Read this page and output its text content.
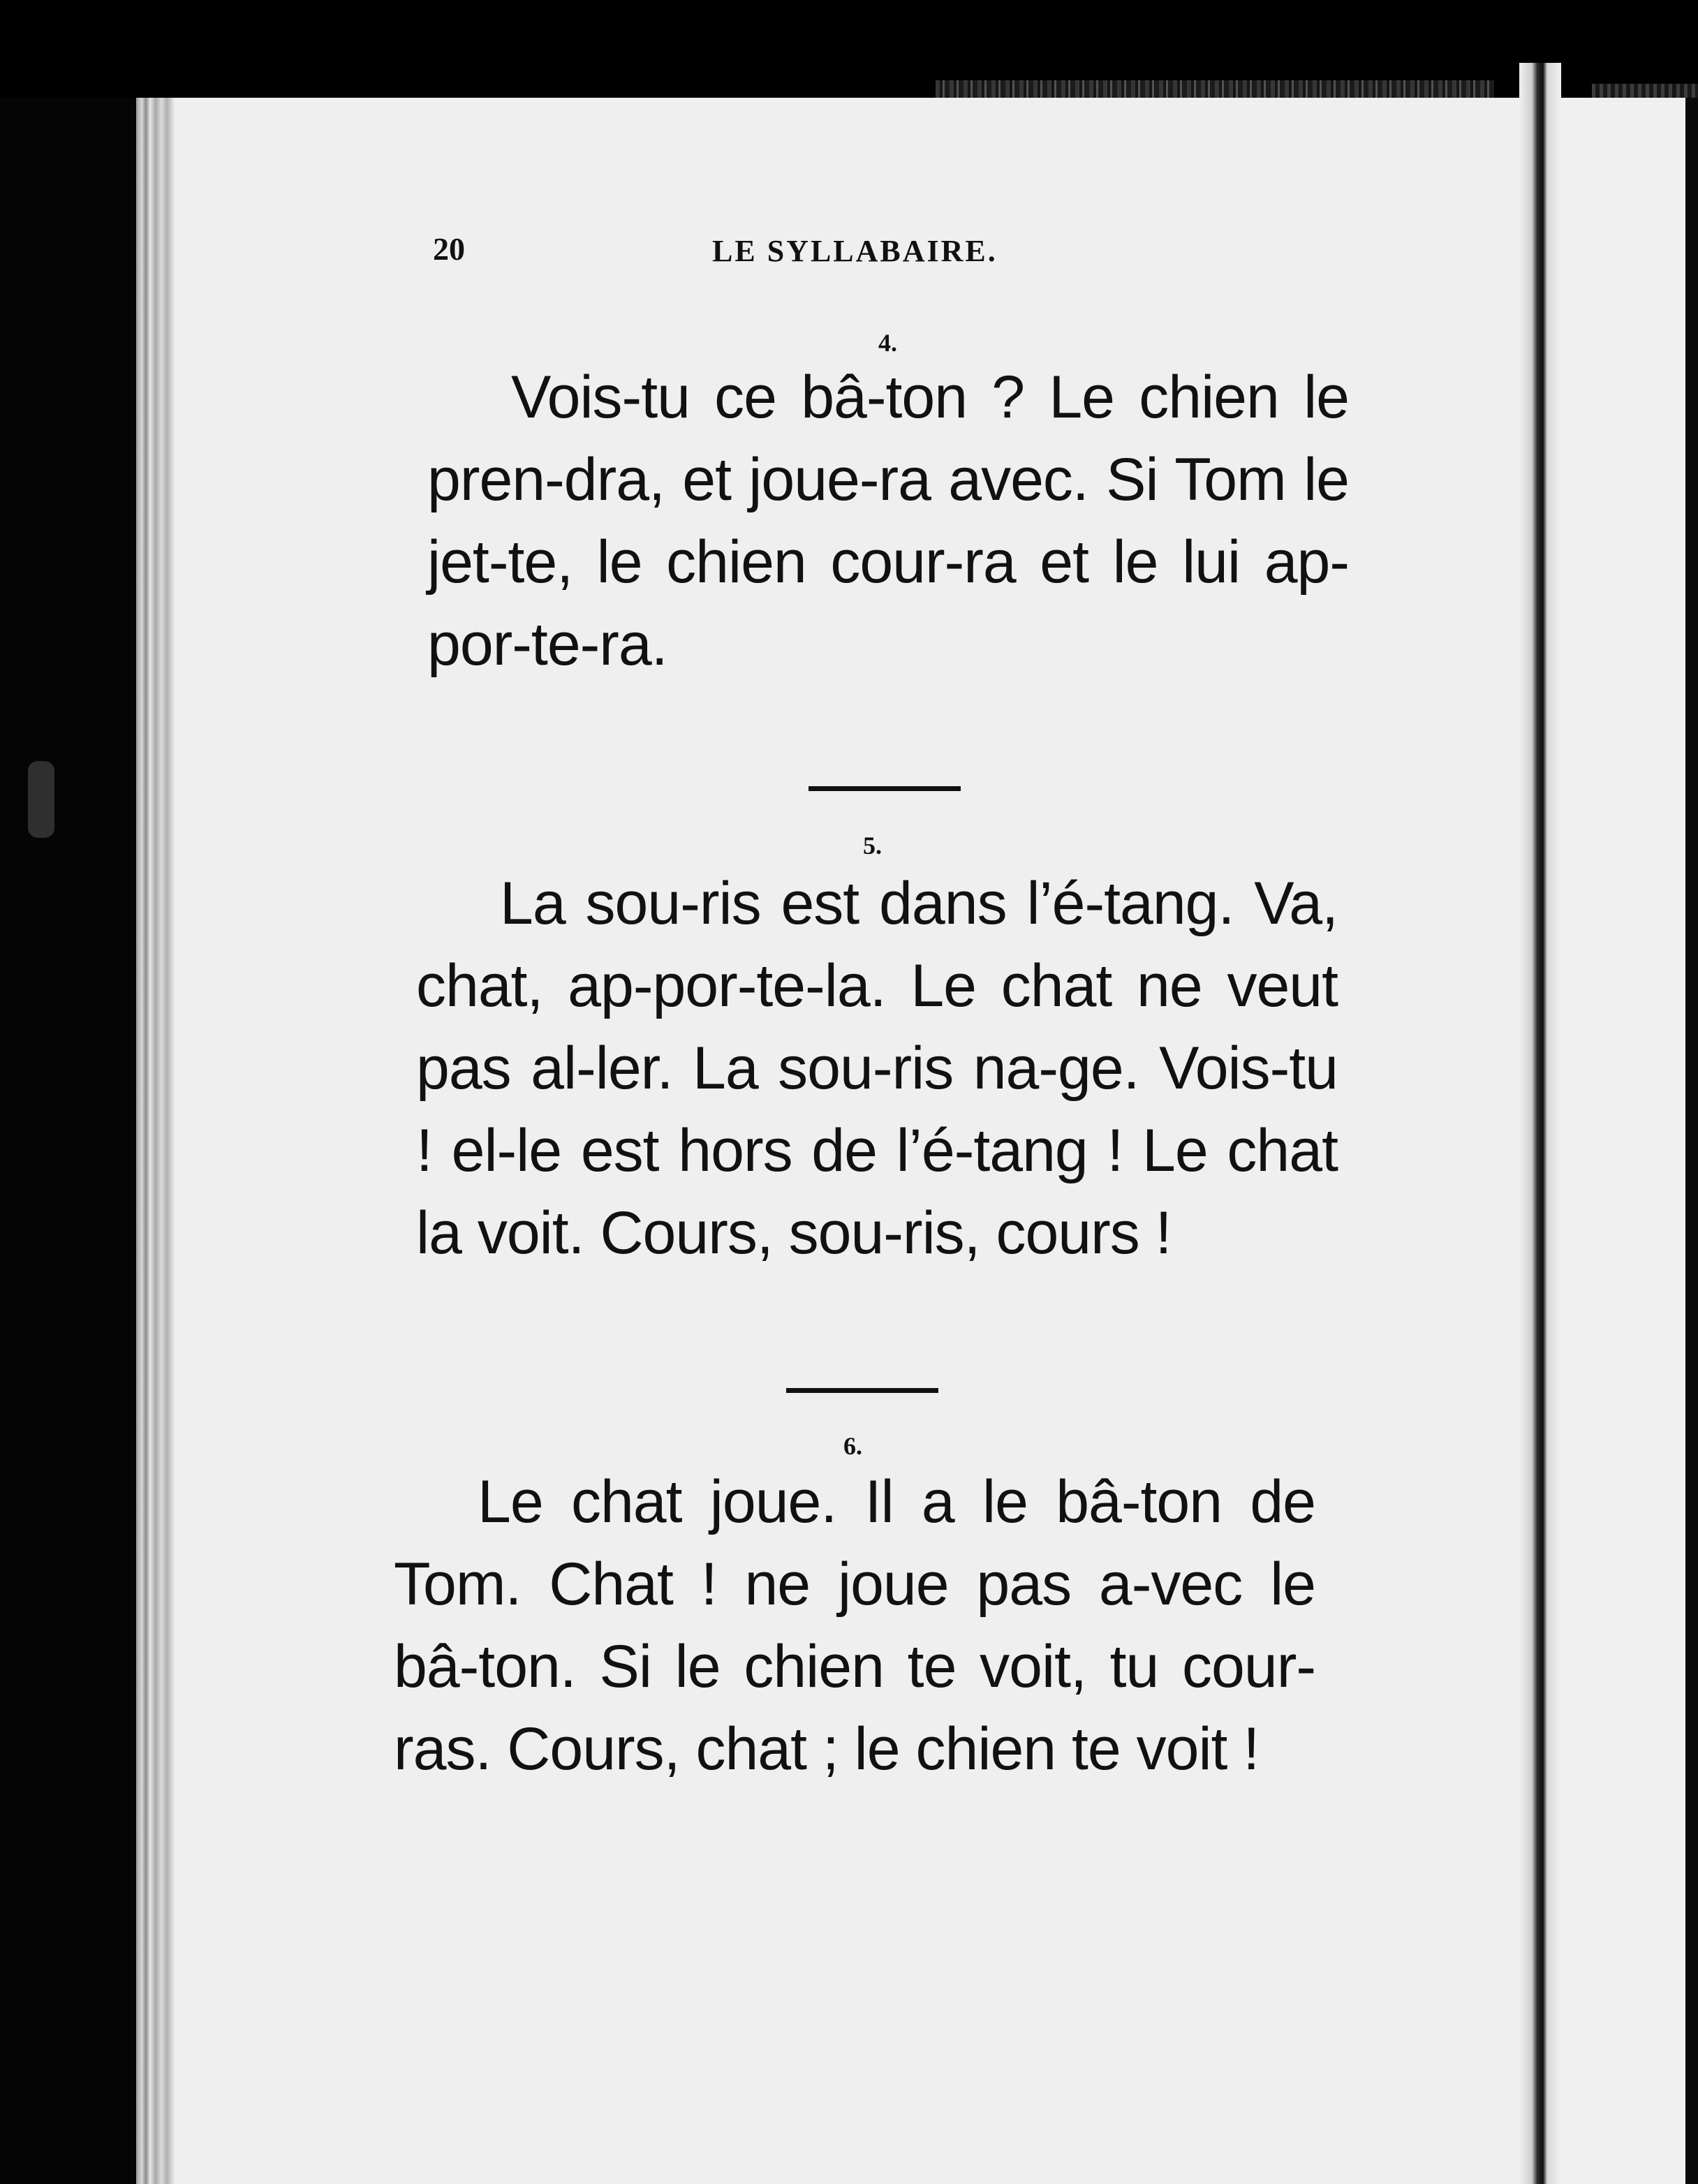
20	LE SYLLABAIRE.
4.
Vois-tu ce bâ-ton ? Le chien le pren-dra, et joue-ra avec. Si Tom le jet-te, le chien cour-ra et le lui ap-por-te-ra.
5.
La sou-ris est dans l’é-tang. Va, chat, ap-por-te-la. Le chat ne veut pas al-ler. La sou-ris na-ge. Vois-tu ! el-le est hors de l’é-tang ! Le chat la voit. Cours, sou-ris, cours !
6.
Le chat joue. Il a le bâ-ton de Tom. Chat ! ne joue pas a-vec le bâ-ton. Si le chien te voit, tu cour-ras. Cours, chat ; le chien te voit !
